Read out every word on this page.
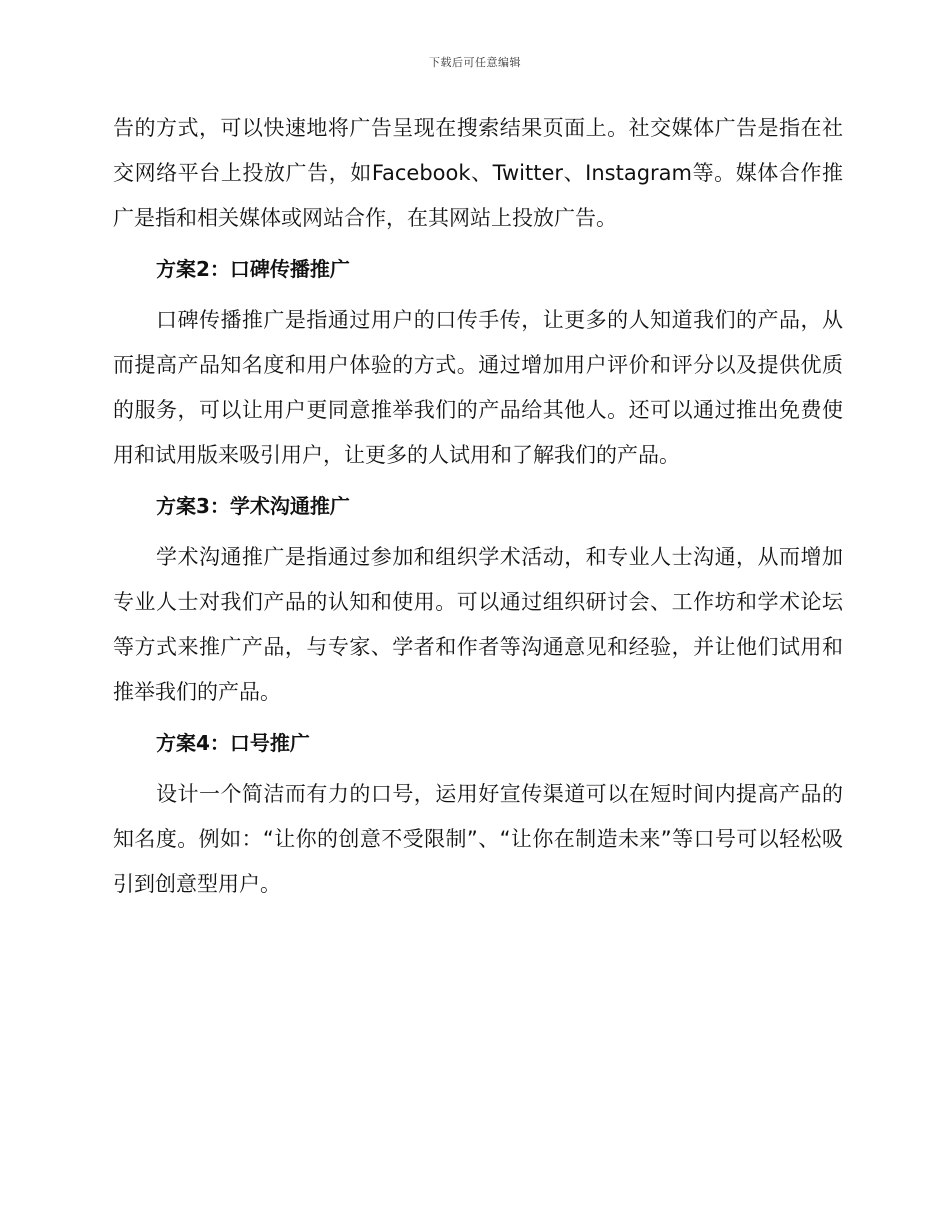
下载后可任意编辑

告的方式，可以快速地将广告呈现在搜索结果页面上。社交媒体广告是指在社交网络平台上投放广告，如Facebook、Twitter、Instagram等。媒体合作推广是指和相关媒体或网站合作，在其网站上投放广告。

方案2：口碑传播推广

口碑传播推广是指通过用户的口传手传，让更多的人知道我们的产品，从而提高产品知名度和用户体验的方式。通过增加用户评价和评分以及提供优质的服务，可以让用户更同意推举我们的产品给其他人。还可以通过推出免费使用和试用版来吸引用户，让更多的人试用和了解我们的产品。

方案3：学术沟通推广

学术沟通推广是指通过参加和组织学术活动，和专业人士沟通，从而增加专业人士对我们产品的认知和使用。可以通过组织研讨会、工作坊和学术论坛等方式来推广产品，与专家、学者和作者等沟通意见和经验，并让他们试用和推举我们的产品。

方案4：口号推广

设计一个简洁而有力的口号，运用好宣传渠道可以在短时间内提高产品的知名度。例如：“让你的创意不受限制”、“让你在制造未来”等口号可以轻松吸引到创意型用户。
